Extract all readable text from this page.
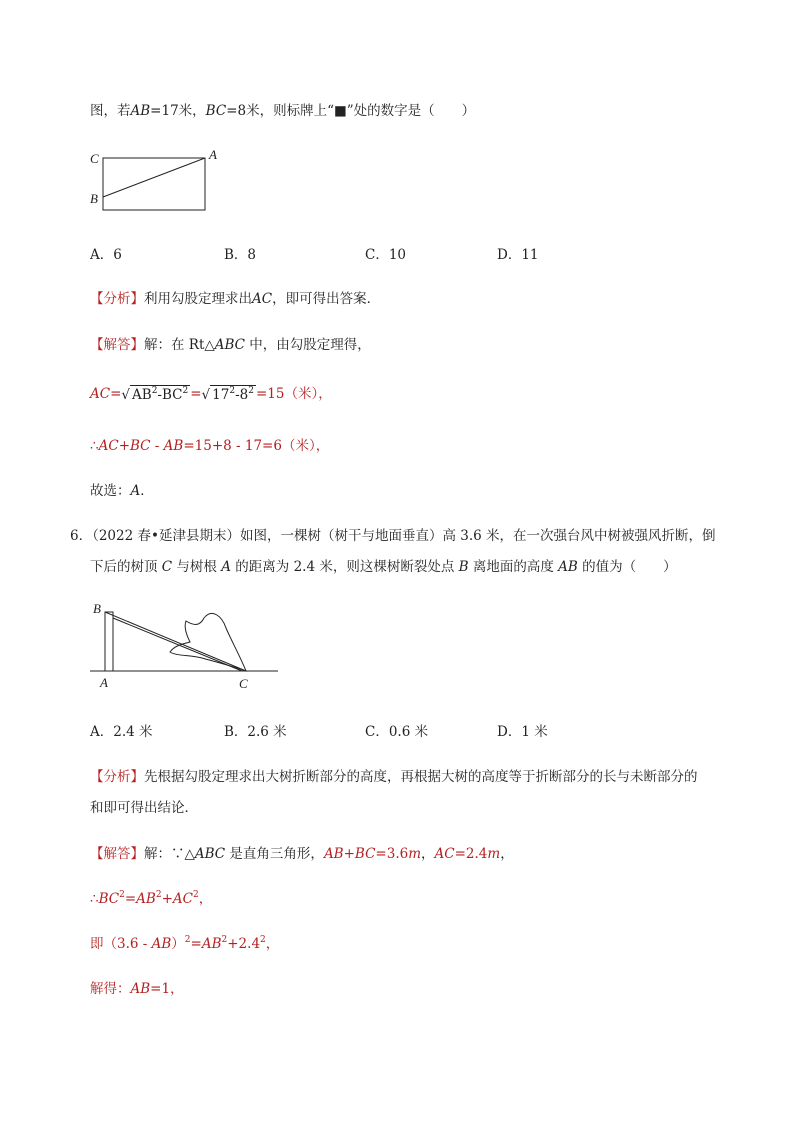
图，若AB=17米，BC=8米，则标牌上“■”处的数字是（　　）
C	A
B
A．6	B．8	C．10	D．11
【分析】利用勾股定理求出AC，即可得出答案．
【解答】解：在 Rt△ABC 中，由勾股定理得，
AC=√ $AB^2-BC^2$ =√ $17^2-8^2 =15$（米），
∴AC+BC - AB=15+8 - 17=6（米），
故选：A．
6．（2022 春•延津县期末）如图，一棵树（树干与地面垂直）高 3.6 米，在一次强台风中树被强风折断，倒
下后的树顶 C 与树根 A 的距离为 2.4 米，则这棵树断裂处点 B 离地面的高度 AB 的值为（　　）
B
A	C
A．2.4 米	B．2.6 米	C．0.6 米	D．1 米
【分析】先根据勾股定理求出大树折断部分的高度，再根据大树的高度等于折断部分的长与未断部分的
和即可得出结论．
【解答】解：∵△ABC 是直角三角形，AB+BC=3.6m，AC=2.4m，
$\therefore BC^2=AB^2+AC^2$，
即$(3.6 - AB)^2=AB^2+2.4^2$，
解得：AB=1，
